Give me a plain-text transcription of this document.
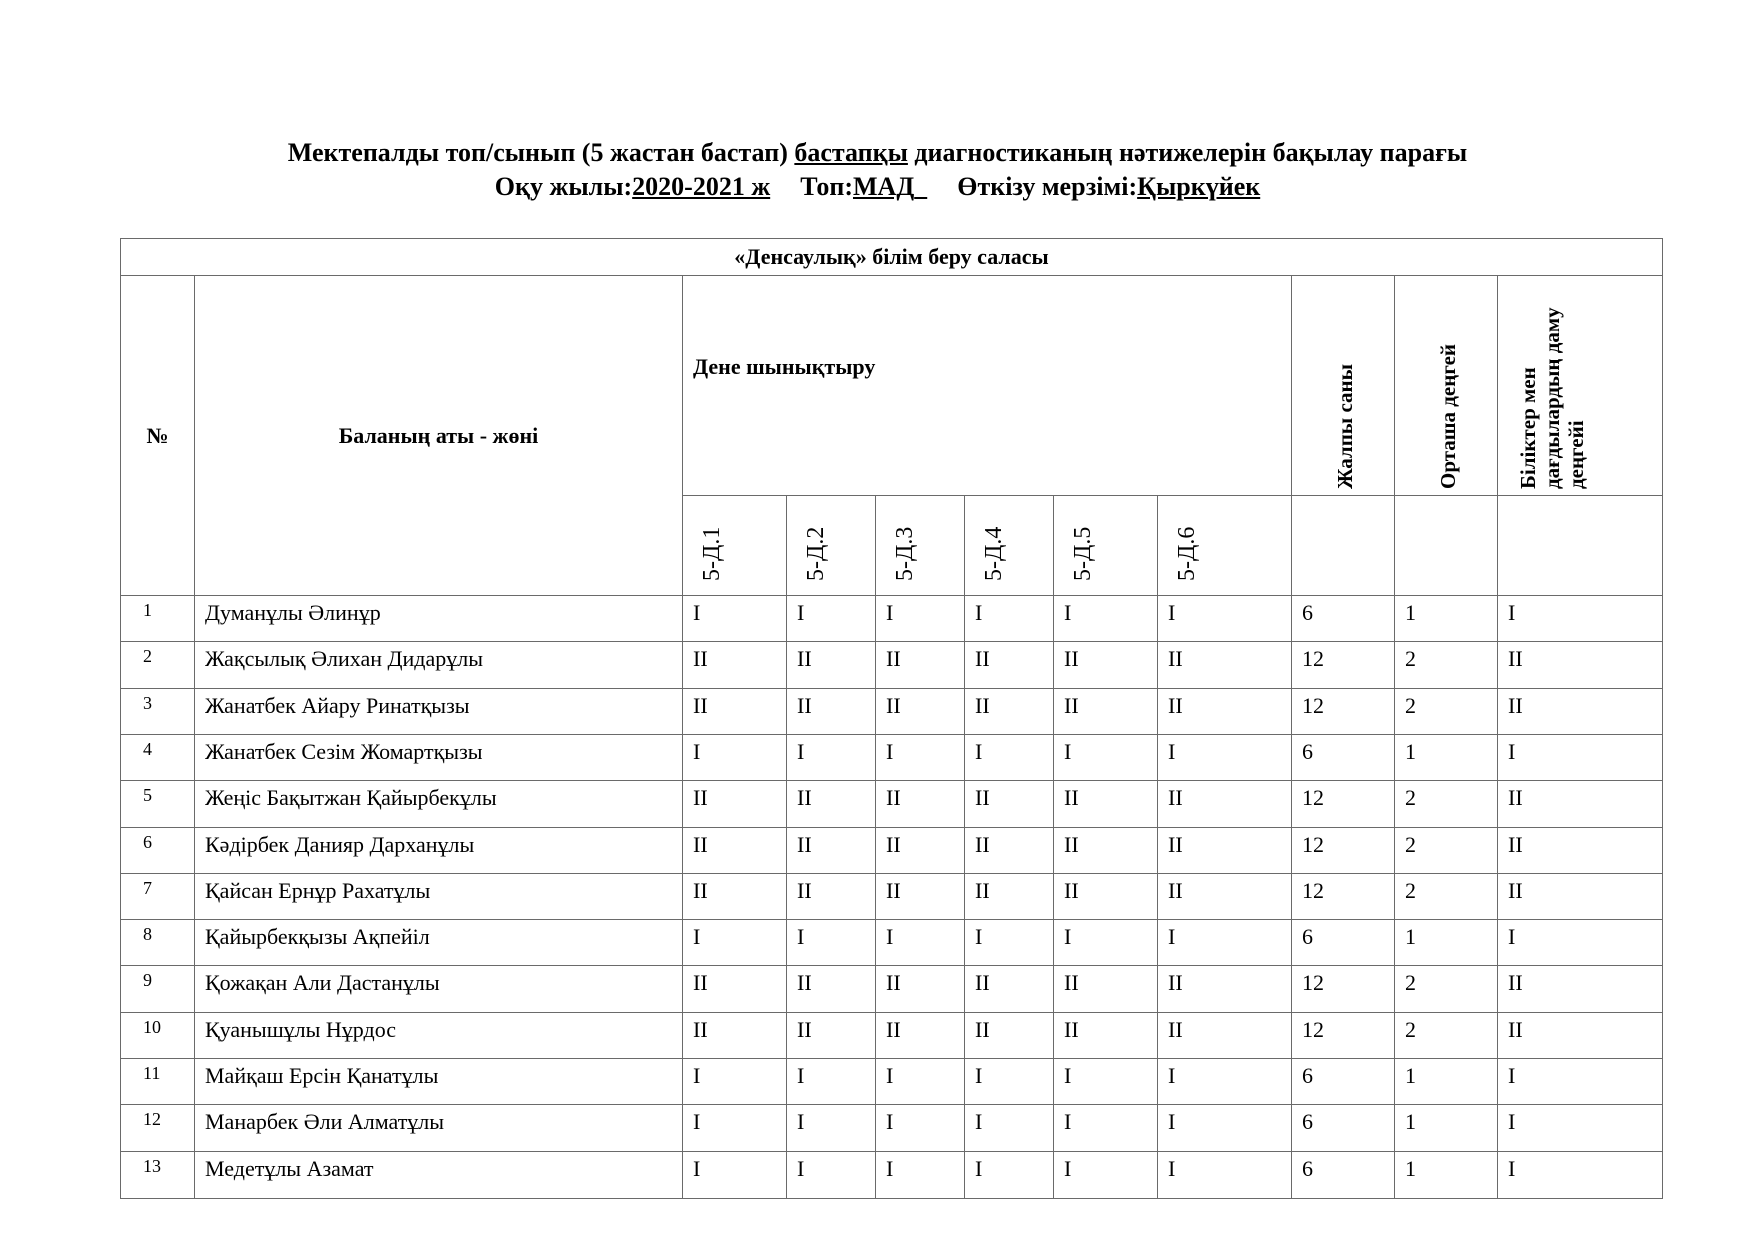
Мектепалды топ/сынып (5 жастан бастап) бастапқы диагностиканың нәтижелерін бақылау парағы
Оқу жылы:2020-2021 ж Топ:МАД Өткізу мерзімі:Қыркүйек
«Денсаулық» білім беру саласы
№	Баланың аты - жөні
Дене шынықтыру	Жалпы саны	Орташа деңгей	Біліктер мен дағдылардың даму деңгейі
5-Д.1	5-Д.2	5-Д.3	5-Д.4	5-Д.5	5-Д.6
1	Думанұлы Әлинұр	I	I	I	I	I	I	6	1	I
2	Жақсылық Әлихан Дидарұлы	II	II	II	II	II	II	12	2	II
3	Жанатбек Айару Ринатқызы	II	II	II	II	II	II	12	2	II
4	Жанатбек Сезім Жомартқызы	I	I	I	I	I	I	6	1	I
5	Жеңіс Бақытжан Қайырбекұлы	II	II	II	II	II	II	12	2	II
6	Кәдірбек Данияр Дарханұлы	II	II	II	II	II	II	12	2	II
7	Қайсан Ернұр Рахатұлы	II	II	II	II	II	II	12	2	II
8	Қайырбекқызы Ақпейіл	I	I	I	I	I	I	6	1	I
9	Қожақан Али Дастанұлы	II	II	II	II	II	II	12	2	II
10	Қуанышұлы Нұрдос	II	II	II	II	II	II	12	2	II
11	Майқаш Ерсін Қанатұлы	I	I	I	I	I	I	6	1	I
12	Манарбек Әли Алматұлы	I	I	I	I	I	I	6	1	I
13	Медетұлы Азамат	I	I	I	I	I	I	6	1	I
